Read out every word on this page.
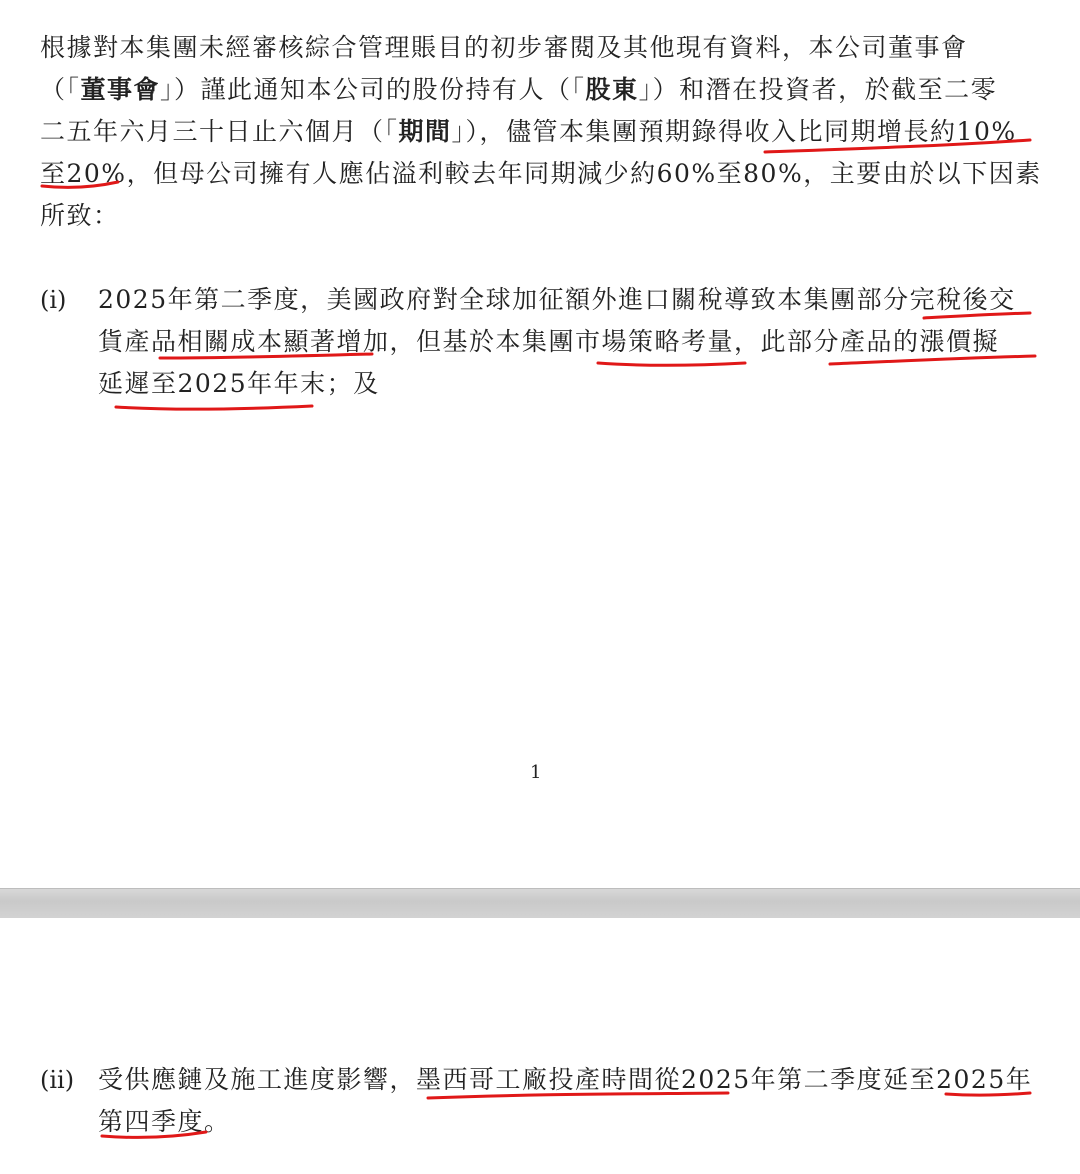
根據對本集團未經審核綜合管理賬目的初步審閱及其他現有資料，本公司董事會
（「董事會」）謹此通知本公司的股份持有人（「股東」）和潛在投資者，於截至二零
二五年六月三十日止六個月（「期間」），儘管本集團預期錄得收入比同期增長約10%
至20%，但母公司擁有人應佔溢利較去年同期減少約60%至80%，主要由於以下因素
所致：
(i) 2025年第二季度，美國政府對全球加征額外進口關稅導致本集團部分完稅後交
貨產品相關成本顯著增加，但基於本集團市場策略考量，此部分產品的漲價擬
延遲至2025年年末；及
1
(ii) 受供應鏈及施工進度影響，墨西哥工廠投產時間從2025年第二季度延至2025年
第四季度。
